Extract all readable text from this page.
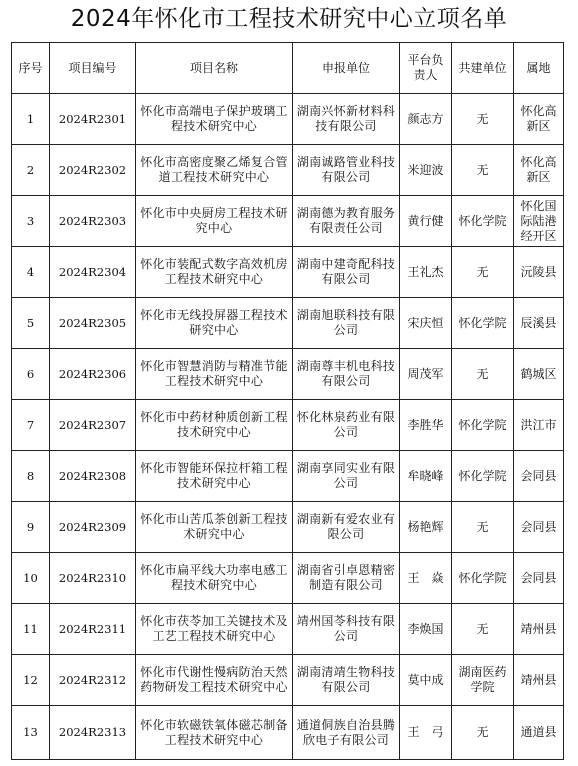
2024年怀化市工程技术研究中心立项名单
序号	项目编号	项目名称	申报单位	平台负责人	共建单位	属地
1	2024R2301	怀化市高端电子保护玻璃工程技术研究中心	湖南兴怀新材料科技有限公司	颜志方	无	怀化高新区
2	2024R2302	怀化市高密度聚乙烯复合管道工程技术研究中心	湖南诚路管业科技有限公司	米迎波	无	怀化高新区
3	2024R2303	怀化市中央厨房工程技术研究中心	湖南德为教育服务有限责任公司	黄行健	怀化学院	怀化国际陆港经开区
4	2024R2304	怀化市装配式数字高效机房工程技术研究中心	湖南中建奇配科技有限公司	王礼杰	无	沅陵县
5	2024R2305	怀化市无线投屏器工程技术研究中心	湖南旭联科技有限公司	宋庆恒	怀化学院	辰溪县
6	2024R2306	怀化市智慧消防与精准节能工程技术研究中心	湖南尊丰机电科技有限公司	周茂军	无	鹤城区
7	2024R2307	怀化市中药材种质创新工程技术研究中心	怀化林泉药业有限公司	李胜华	怀化学院	洪江市
8	2024R2308	怀化市智能环保拉杆箱工程技术研究中心	湖南享同实业有限公司	牟晓峰	怀化学院	会同县
9	2024R2309	怀化市山苦瓜茶创新工程技术研究中心	湖南新有爱农业有限公司	杨艳辉	无	会同县
10	2024R2310	怀化市扁平线大功率电感工程技术研究中心	湖南省引卓恩精密制造有限公司	王　焱	怀化学院	会同县
11	2024R2311	怀化市茯苓加工关键技术及工艺工程技术研究中心	靖州国苓科技有限公司	李焕国	无	靖州县
12	2024R2312	怀化市代谢性慢病防治天然药物研发工程技术研究中心	湖南清靖生物科技有限公司	莫中成	湖南医药学院	靖州县
13	2024R2313	怀化市软磁铁氧体磁芯制备工程技术研究中心	通道侗族自治县腾欣电子有限公司	王　弓	无	通道县
